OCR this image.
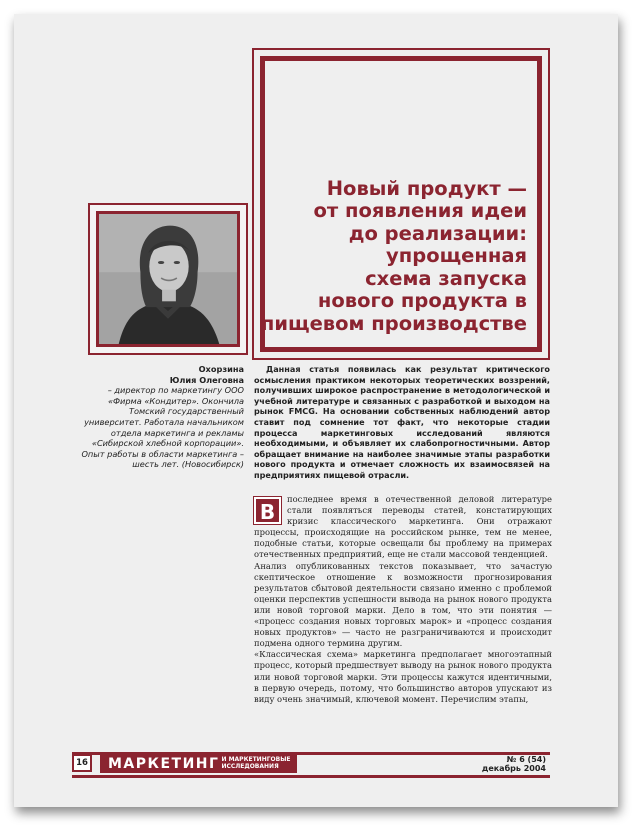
Новый продукт —
от появления идеи
до реализации:
упрощенная
схема запуска
нового продукта в
пищевом производстве
Охорзина
Юлия Олеговна
– директор по маркетингу ООО «Фирма «Кондитер». Окончила Томский государственный университет. Работала начальником отдела маркетинга и рекламы «Сибирской хлебной корпорации». Опыт работы в области маркетинга – шесть лет. (Новосибирск)
Данная статья появилась как результат критического осмысления практиком некоторых теоретических воззрений, получивших широкое распространение в методологической и учебной литературе и связанных с разработкой и выходом на рынок FMCG. На основании собственных наблюдений автор ставит под сомнение тот факт, что некоторые стадии процесса маркетинговых исследований являются необходимыми, и объявляет их слабопрогностичными. Автор обращает внимание на наиболее значимые этапы разработки нового продукта и отмечает сложность их взаимосвязей на предприятиях пищевой отрасли.

В
последнее время в отечественной деловой литературе стали появляться переводы статей, констатирующих кризис классического маркетинга. Они отражают процессы, происходящие на российском рынке, тем не менее, подобные статьи, которые освещали бы проблему на примерах отечественных предприятий, еще не стали массовой тенденцией.

Анализ опубликованных текстов показывает, что зачастую скептическое отношение к возможности прогнозирования результатов сбытовой деятельности связано именно с проблемой оценки перспектив успешности вывода на рынок нового продукта или новой торговой марки. Дело в том, что эти понятия — «процесс создания новых торговых марок» и «процесс создания новых продуктов» — часто не разграничиваются и происходит подмена одного термина другим.

«Классическая схема» маркетинга предполагает многоэтапный процесс, который предшествует выводу на рынок нового продукта или новой торговой марки. Эти процессы кажутся идентичными, в первую очередь, потому, что большинство авторов упускают из виду очень значимый, ключевой момент. Перечислим этапы,

16 МАРКЕТИНГ И МАРКЕТИНГОВЫЕ
ИССЛЕДОВАНИЯ
№ 6 (54)
декабрь 2004
